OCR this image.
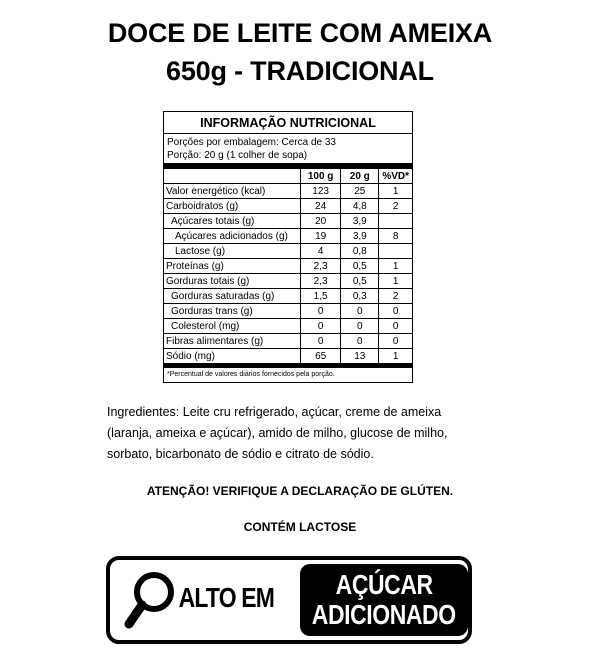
DOCE DE LEITE COM AMEIXA
650g - TRADICIONAL
INFORMAÇÃO NUTRICIONAL
Porções por embalagem: Cerca de 33
Porção: 20 g (1 colher de sopa)
	100 g	20 g	%VD*
Valor energético (kcal)	123	25	1
Carboidratos (g)	24	4,8	2
Açúcares totais (g)	20	3,9	
Açúcares adicionados (g)	19	3,9	8
Lactose (g)	4	0,8	
Proteínas (g)	2,3	0,5	1
Gorduras totais (g)	2,3	0,5	1
Gorduras saturadas (g)	1,5	0,3	2
Gorduras trans (g)	0	0	0
Colesterol (mg)	0	0	0
Fibras alimentares (g)	0	0	0
Sódio (mg)	65	13	1
*Percentual de valores diários fornecidos pela porção.
Ingredientes: Leite cru refrigerado, açúcar, creme de ameixa
(laranja, ameixa e açúcar), amido de milho, glucose de milho,
sorbato, bicarbonato de sódio e citrato de sódio.
ATENÇÃO! VERIFIQUE A DECLARAÇÃO DE GLÚTEN.
CONTÉM LACTOSE
ALTO EM AÇÚCAR
ADICIONADO
